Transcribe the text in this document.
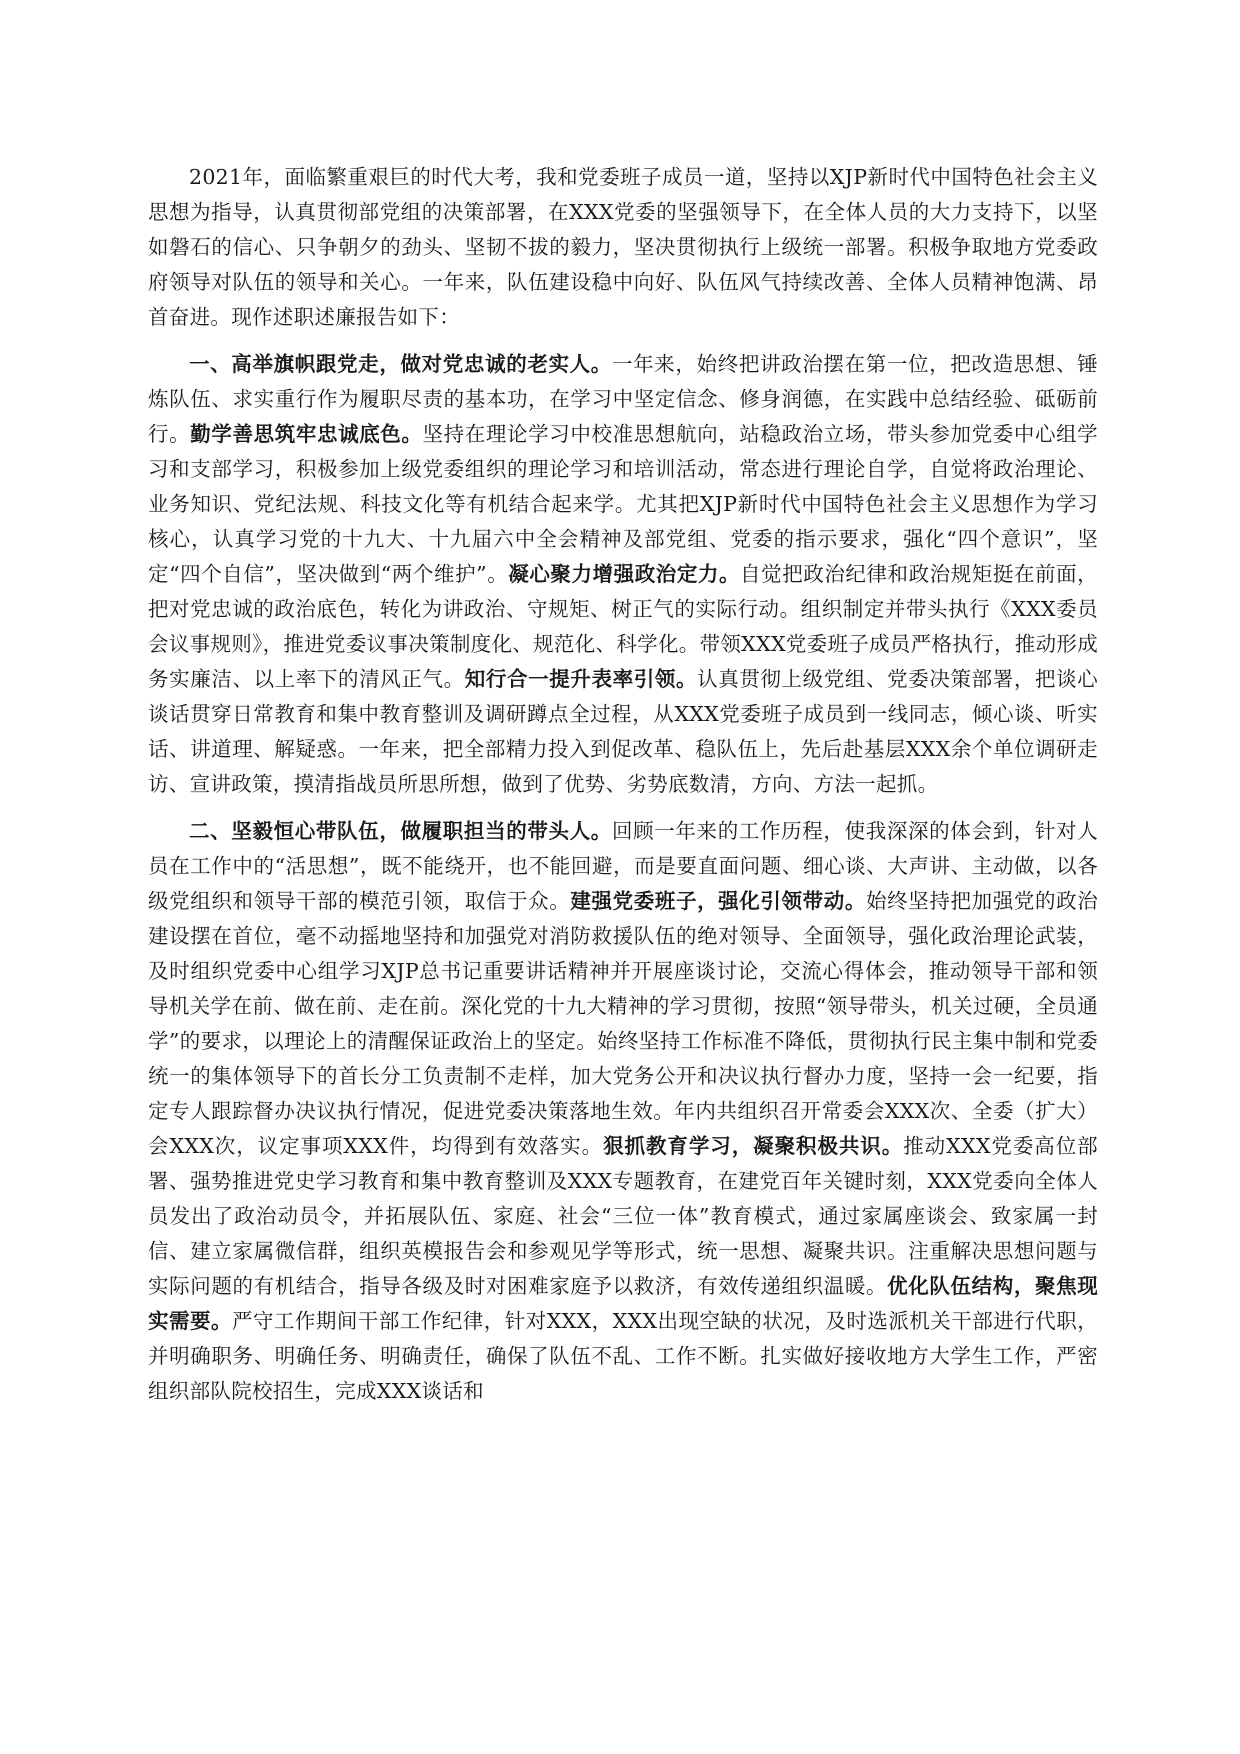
2021年，面临繁重艰巨的时代大考，我和党委班子成员一道，坚持以XJP新时代中国特色社会主义思想为指导，认真贯彻部党组的决策部署，在XXX党委的坚强领导下，在全体人员的大力支持下，以坚如磐石的信心、只争朝夕的劲头、坚韧不拔的毅力，坚决贯彻执行上级统一部署。积极争取地方党委政府领导对队伍的领导和关心。一年来，队伍建设稳中向好、队伍风气持续改善、全体人员精神饱满、昂首奋进。现作述职述廉报告如下：

一、高举旗帜跟党走，做对党忠诚的老实人。一年来，始终把讲政治摆在第一位，把改造思想、锤炼队伍、求实重行作为履职尽责的基本功，在学习中坚定信念、修身润德，在实践中总结经验、砥砺前行。勤学善思筑牢忠诚底色。坚持在理论学习中校准思想航向，站稳政治立场，带头参加党委中心组学习和支部学习，积极参加上级党委组织的理论学习和培训活动，常态进行理论自学，自觉将政治理论、业务知识、党纪法规、科技文化等有机结合起来学。尤其把XJP新时代中国特色社会主义思想作为学习核心，认真学习党的十九大、十九届六中全会精神及部党组、党委的指示要求，强化“四个意识”，坚定“四个自信”，坚决做到“两个维护”。凝心聚力增强政治定力。自觉把政治纪律和政治规矩挺在前面，把对党忠诚的政治底色，转化为讲政治、守规矩、树正气的实际行动。组织制定并带头执行《XXX委员会议事规则》，推进党委议事决策制度化、规范化、科学化。带领XXX党委班子成员严格执行，推动形成务实廉洁、以上率下的清风正气。知行合一提升表率引领。认真贯彻上级党组、党委决策部署，把谈心谈话贯穿日常教育和集中教育整训及调研蹲点全过程，从XXX党委班子成员到一线同志，倾心谈、听实话、讲道理、解疑惑。一年来，把全部精力投入到促改革、稳队伍上，先后赴基层XXX余个单位调研走访、宣讲政策，摸清指战员所思所想，做到了优势、劣势底数清，方向、方法一起抓。

二、坚毅恒心带队伍，做履职担当的带头人。回顾一年来的工作历程，使我深深的体会到，针对人员在工作中的“活思想”，既不能绕开，也不能回避，而是要直面问题、细心谈、大声讲、主动做，以各级党组织和领导干部的模范引领，取信于众。建强党委班子，强化引领带动。始终坚持把加强党的政治建设摆在首位，毫不动摇地坚持和加强党对消防救援队伍的绝对领导、全面领导，强化政治理论武装，及时组织党委中心组学习XJP总书记重要讲话精神并开展座谈讨论，交流心得体会，推动领导干部和领导机关学在前、做在前、走在前。深化党的十九大精神的学习贯彻，按照“领导带头，机关过硬，全员通学”的要求，以理论上的清醒保证政治上的坚定。始终坚持工作标准不降低，贯彻执行民主集中制和党委统一的集体领导下的首长分工负责制不走样，加大党务公开和决议执行督办力度，坚持一会一纪要，指定专人跟踪督办决议执行情况，促进党委决策落地生效。年内共组织召开常委会XXX次、全委（扩大）会XXX次，议定事项XXX件，均得到有效落实。狠抓教育学习，凝聚积极共识。推动XXX党委高位部署、强势推进党史学习教育和集中教育整训及XXX专题教育，在建党百年关键时刻，XXX党委向全体人员发出了政治动员令，并拓展队伍、家庭、社会“三位一体”教育模式，通过家属座谈会、致家属一封信、建立家属微信群，组织英模报告会和参观见学等形式，统一思想、凝聚共识。注重解决思想问题与实际问题的有机结合，指导各级及时对困难家庭予以救济，有效传递组织温暖。优化队伍结构，聚焦现实需要。严守工作期间干部工作纪律，针对XXX，XXX出现空缺的状况，及时选派机关干部进行代职，并明确职务、明确任务、明确责任，确保了队伍不乱、工作不断。扎实做好接收地方大学生工作，严密组织部队院校招生，完成XXX谈话和
